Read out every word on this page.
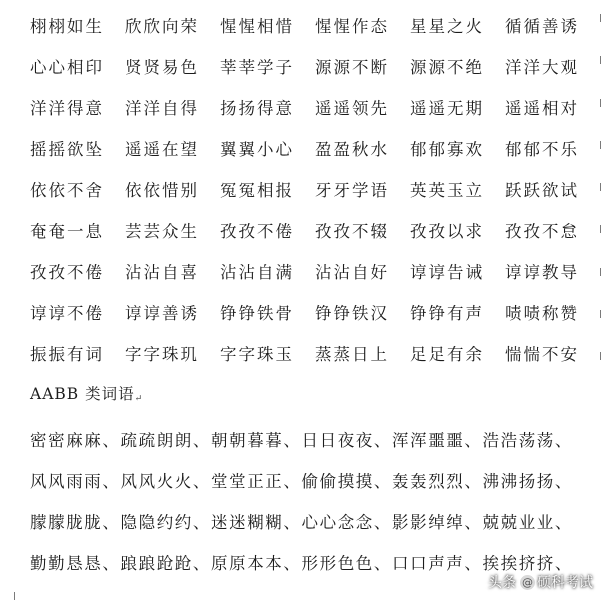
栩栩如生	欣欣向荣	惺惺相惜	惺惺作态	星星之火	循循善诱
心心相印	贤贤易色	莘莘学子	源源不断	源源不绝	洋洋大观
洋洋得意	洋洋自得	扬扬得意	遥遥领先	遥遥无期	遥遥相对
摇摇欲坠	遥遥在望	翼翼小心	盈盈秋水	郁郁寡欢	郁郁不乐
依依不舍	依依惜别	冤冤相报	牙牙学语	英英玉立	跃跃欲试
奄奄一息	芸芸众生	孜孜不倦	孜孜不辍	孜孜以求	孜孜不怠
孜孜不倦	沾沾自喜	沾沾自满	沾沾自好	谆谆告诫	谆谆教导
谆谆不倦	谆谆善诱	铮铮铁骨	铮铮铁汉	铮铮有声	啧啧称赞
振振有词	字字珠玑	字字珠玉	蒸蒸日上	足足有余	惴惴不安
AABB 类词语↵
密密麻麻、疏疏朗朗、朝朝暮暮、日日夜夜、浑浑噩噩、浩浩荡荡、
风风雨雨、风风火火、堂堂正正、偷偷摸摸、轰轰烈烈、沸沸扬扬、
朦朦胧胧、隐隐约约、迷迷糊糊、心心念念、影影绰绰、兢兢业业、
勤勤恳恳、踉踉跄跄、原原本本、形形色色、口口声声、挨挨挤挤、
头条 @ 硕科考试
